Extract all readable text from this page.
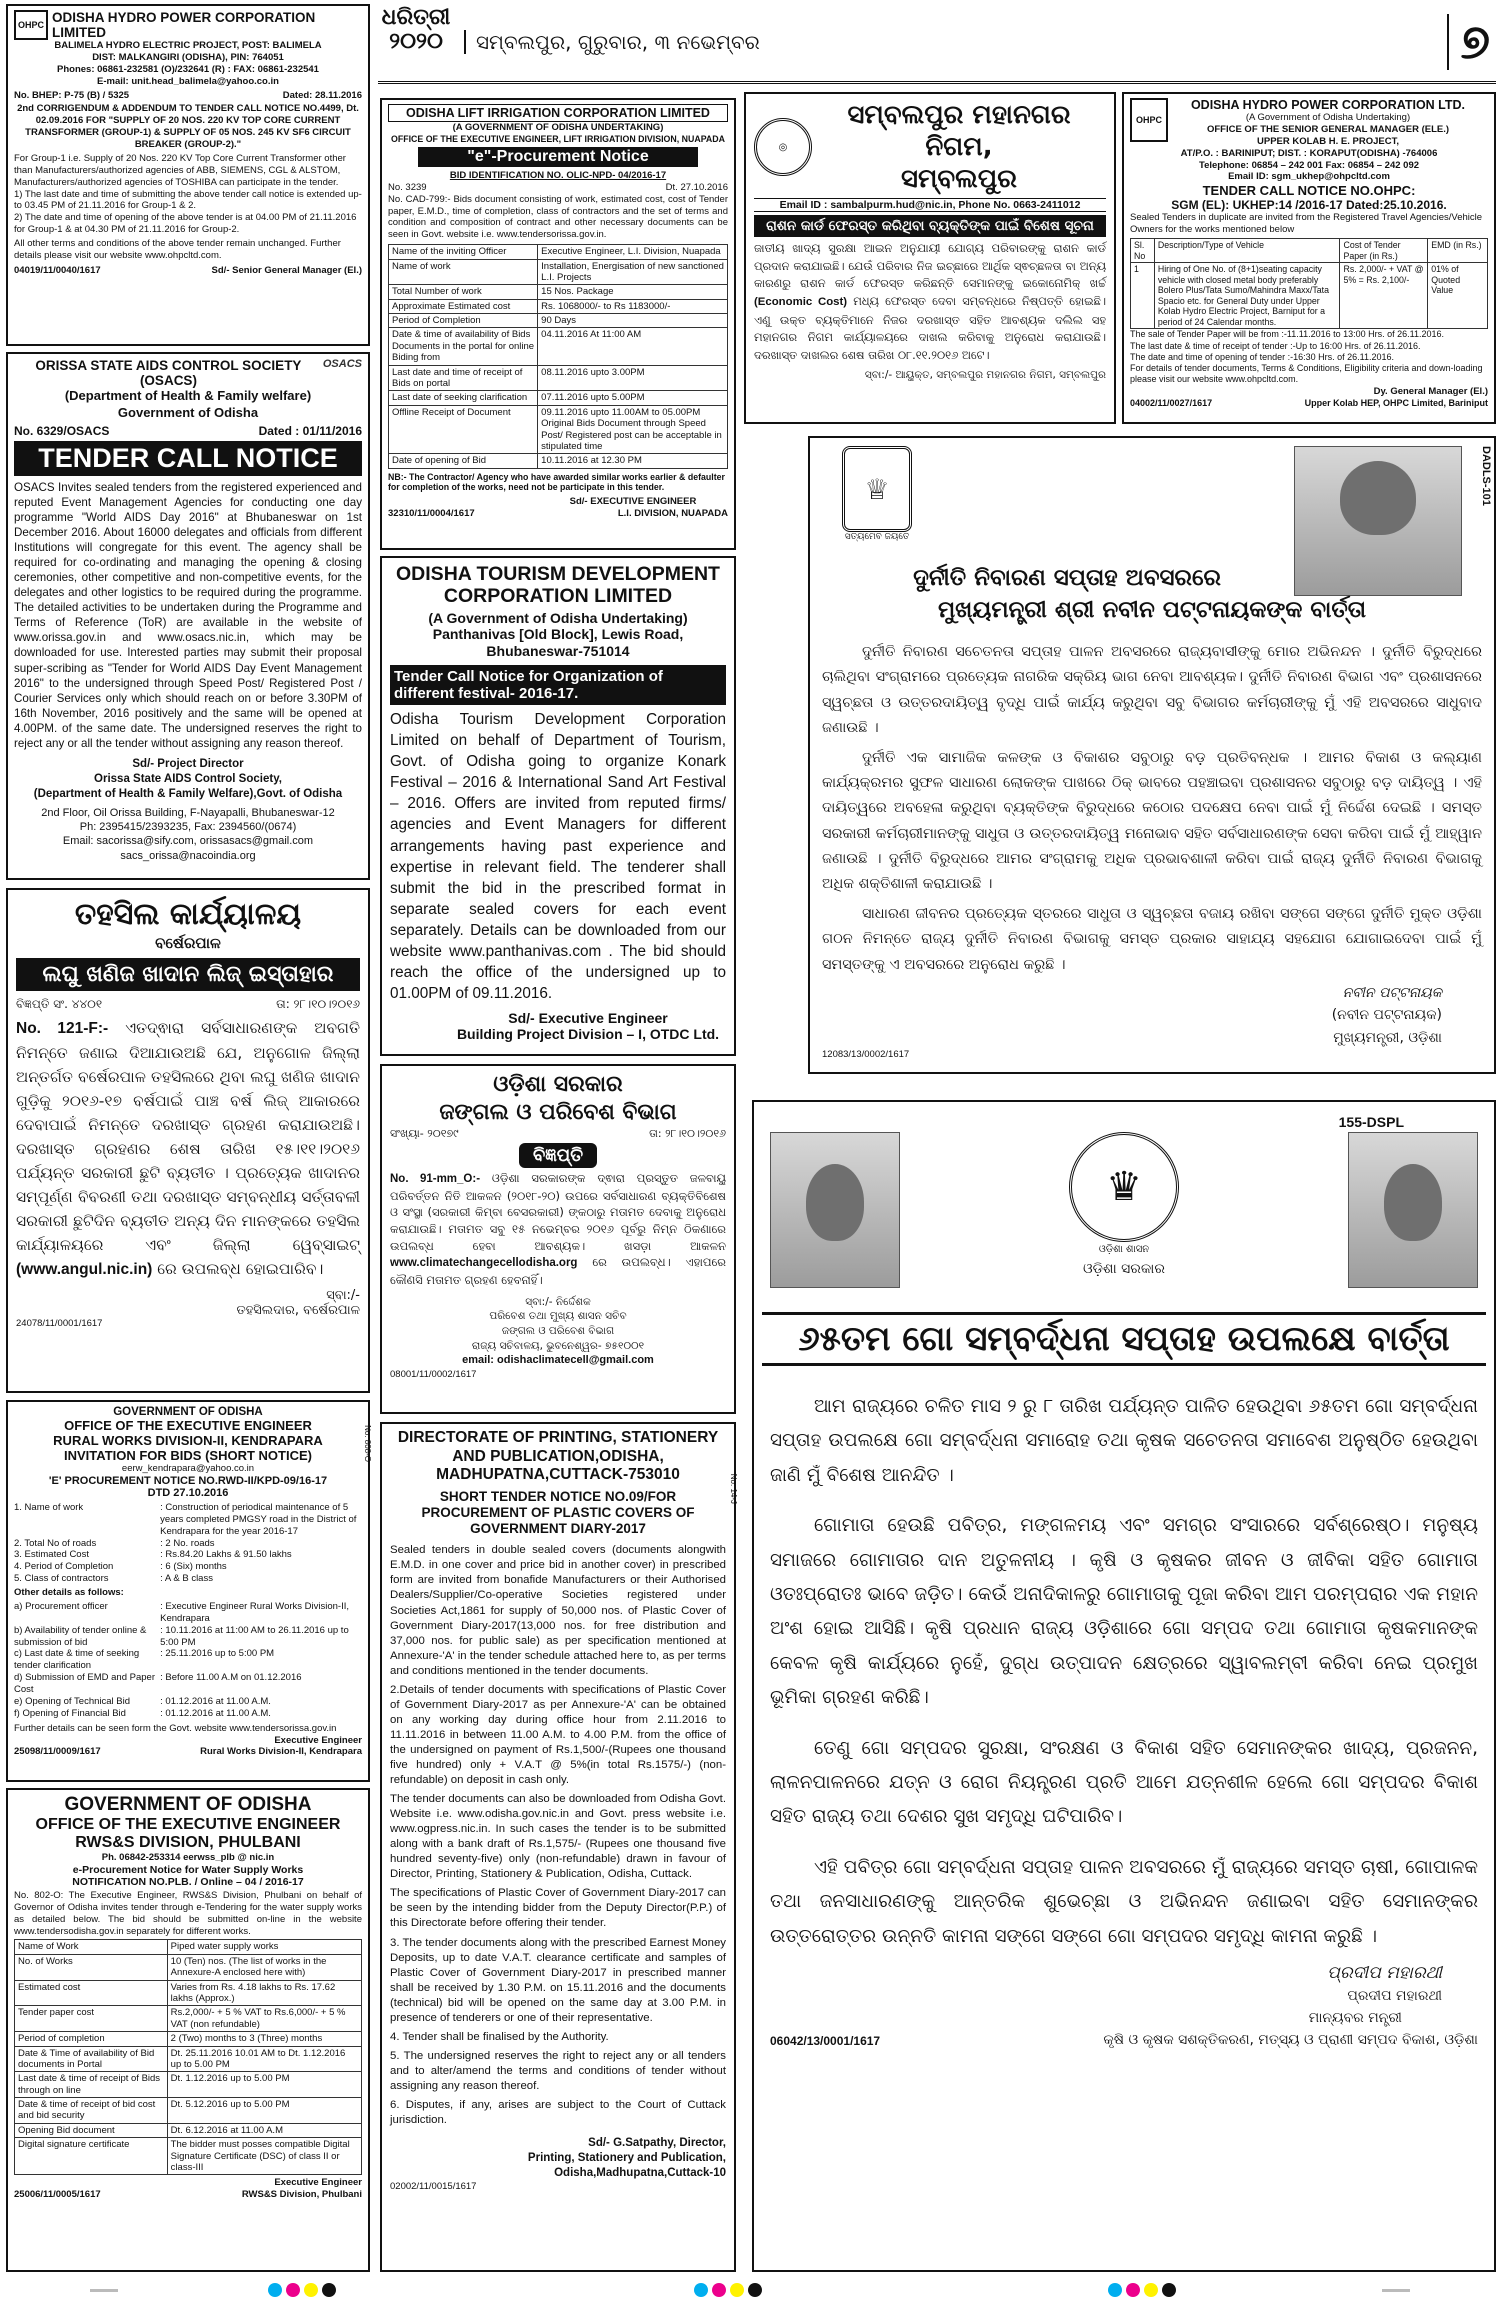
ଧରିତ୍ରୀ
୨୦୨୦	ସମ୍ବଲପୁର, ଗୁରୁବାର, ୩ ନଭେମ୍ବର	୭
OHPC ODISHA HYDRO POWER CORPORATION LIMITED
BALIMELA HYDRO ELECTRIC PROJECT, POST: BALIMELA
DIST: MALKANGIRI (ODISHA), PIN: 764051
Phones: 06861-232581 (O)/232641 (R) : FAX: 06861-232541
E-mail: unit.head_balimela@yahoo.co.in
No. BHEP: P-75 (B) / 5325	Dated: 28.11.2016
2nd CORRIGENDUM & ADDENDUM TO TENDER CALL NOTICE NO.4499, Dt. 02.09.2016 FOR "SUPPLY OF 20 NOS. 220 KV TOP CORE CURRENT TRANSFORMER (GROUP-1) & SUPPLY OF 05 NOS. 245 KV SF6 CIRCUIT BREAKER (GROUP-2)."
For Group-1 i.e. Supply of 20 Nos. 220 KV Top Core Current Transformer other than Manufacturers/authorized agencies of ABB, SIEMENS, CGL & ALSTOM, Manufacturers/authorized agencies of TOSHIBA can participate in the tender.
1) The last date and time of submitting the above tender call notice is extended up-to 03.45 PM of 21.11.2016 for Group-1 & 2.
2) The date and time of opening of the above tender is at 04.00 PM of 21.11.2016 for Group-1 & at 04.30 PM of 21.11.2016 for Group-2.
All other terms and conditions of the above tender remain unchanged. Further details please visit our website www.ohpcltd.com.
04019/11/0040/1617	Sd/- Senior General Manager (EI.)
ORISSA STATE AIDS CONTROL SOCIETY (OSACS)
OSACS
(Department of Health & Family welfare)
Government of Odisha
No. 6329/OSACS	Dated : 01/11/2016
TENDER CALL NOTICE
OSACS Invites sealed tenders from the registered experienced and reputed Event Management Agencies for conducting one day programme "World AIDS Day 2016" at Bhubaneswar on 1st December 2016. About 16000 delegates and officials from different Institutions will congregate for this event. The agency shall be required for co-ordinating and managing the opening & closing ceremonies, other competitive and non-competitive events, for the delegates and other logistics to be required during the programme. The detailed activities to be undertaken during the Programme and Terms of Reference (ToR) are available in the website of www.orissa.gov.in and www.osacs.nic.in, which may be downloaded for use. Interested parties may submit their proposal super-scribing as "Tender for World AIDS Day Event Management 2016" to the undersigned through Speed Post/ Registered Post / Courier Services only which should reach on or before 3.30PM of 16th November, 2016 positively and the same will be opened at 4.00PM. of the same date. The undersigned reserves the right to reject any or all the tender without assigning any reason thereof.
Sd/- Project Director
Orissa State AIDS Control Society,
(Department of Health & Family Welfare),Govt. of Odisha
2nd Floor, Oil Orissa Building, F-Nayapalli, Bhubaneswar-12
Ph: 2395415/2393235, Fax: 2394560/(0674)
Email: sacorissa@sify.com, orissasacs@gmail.com
sacs_orissa@nacoindia.org
ତହସିଲ କାର୍ଯ୍ୟାଳୟ
ବର୍ଷେରପାଳ
ଲଘୁ ଖଣିଜ ଖାଦାନ ଲିଜ୍ ଇସ୍ତାହାର
ବିଜ୍ଞପ୍ତି ସଂ. ୪୪୦୧	ତା: ୨୮।୧୦।୨୦୧୬
No. 121-F:- ଏତଦ୍ଵାରା ସର୍ବସାଧାରଣଙ୍କ ଅବଗତି ନିମନ୍ତେ ଜଣାଇ ଦିଆଯାଉଅଛି ଯେ, ଅନୁଗୋଳ ଜିଲ୍ଲା ଅନ୍ତର୍ଗତ ବର୍ଷେରପାଳ ତହସିଲରେ ଥିବା ଲଘୁ ଖଣିଜ ଖାଦାନ ଗୁଡ଼ିକୁ ୨୦୧୬-୧୭ ବର୍ଷପାଇଁ ପାଞ୍ଚ ବର୍ଷ ଲିଜ୍ ଆକାରରେ ଦେବାପାଇଁ ନିମନ୍ତେ ଦରଖାସ୍ତ ଗ୍ରହଣ କରାଯାଉଅଛି। ଦରଖାସ୍ତ ଗ୍ରହଣର ଶେଷ ତାରିଖ ୧୫।୧୧।୨୦୧୬ ପର୍ଯ୍ୟନ୍ତ ସରକାରୀ ଛୁଟି ବ୍ୟତୀତ । ପ୍ରତ୍ୟେକ ଖାଦାନର ସମ୍ପୂର୍ଣ୍ଣ ବିବରଣୀ ତଥା ଦରଖାସ୍ତ ସମ୍ବନ୍ଧୀୟ ସର୍ତ୍ତାବଳୀ ସରକାରୀ ଛୁଟିଦିନ ବ୍ୟତୀତ ଅନ୍ୟ ଦିନ ମାନଙ୍କରେ ତହସିଲ କାର୍ଯ୍ୟାଳୟରେ ଏବଂ ଜିଲ୍ଲା ୱେବ୍‌ସାଇଟ୍ (www.angul.nic.in) ରେ ଉପଲବ୍ଧ ହୋଇପାରିବ।
ସ୍ବା:/-
ତହସିଲଦାର, ବର୍ଷେରପାଳ
24078/11/0001/1617
GOVERNMENT OF ODISHA
OFFICE OF THE EXECUTIVE ENGINEER
RURAL WORKS DIVISION-II, KENDRAPARA
INVITATION FOR BIDS (SHORT NOTICE)
eerw_kendrapara@yahoo.co.in
'E' PROCUREMENT NOTICE NO.RWD-II/KPD-09/16-17
DTD 27.10.2016
1. Name of work	: Construction of periodical maintenance of 5 years completed PMGSY road in the District of Kendrapara for the year 2016-17
2. Total No of roads	: 2 No. roads
3. Estimated Cost	: Rs.84.20 Lakhs & 91.50 lakhs
4. Period of Completion	: 6 (Six) months
5. Class of contractors	: A & B class
Other details as follows:
a) Procurement officer	: Executive Engineer Rural Works Division-II, Kendrapara
b) Availability of tender online & submission of bid
: 10.11.2016 at 11:00 AM to 26.11.2016 up to 5:00 PM
c) Last date & time of seeking tender clarification
: 25.11.2016 up to 5:00 PM
d) Submission of EMD and Paper Cost
: Before 11.00 A.M on 01.12.2016
e) Opening of Technical Bid	: 01.12.2016 at 11.00 A.M.
f) Opening of Financial Bid	: 01.12.2016 at 11.00 A.M.
Further details can be seen form the Govt. website www.tendersorissa.gov.in
Executive Engineer
25098/11/0009/1617	Rural Works Division-II, Kendrapara
No. 808-O
GOVERNMENT OF ODISHA
OFFICE OF THE EXECUTIVE ENGINEER
RWS&S DIVISION, PHULBANI
Ph. 06842-253314 eerwss_plb @ nic.in
e-Procurement Notice for Water Supply Works
NOTIFICATION NO.PLB. / Online – 04 / 2016-17
No. 802-O: The Executive Engineer, RWS&S Division, Phulbani on behalf of Governor of Odisha invites tender through e-Tendering for the water supply works as detailed below. The bid should be submitted on-line in the website www.tendersodisha.gov.in separately for different works.
Name of Work	Piped water supply works
No. of Works	10 (Ten) nos. (The list of works in the Annexure-A enclosed here with)
Estimated cost	Varies from Rs. 4.18 lakhs to Rs. 17.62 lakhs (Approx.)
Tender paper cost	Rs.2,000/- + 5 % VAT to Rs.6,000/- + 5 % VAT (non refundable)
Period of completion	2 (Two) months to 3 (Three) months
Date & Time of availability of Bid documents in Portal	Dt. 25.11.2016 10.01 AM to Dt. 1.12.2016 up to 5.00 PM
Last date & time of receipt of Bids through on line	Dt. 1.12.2016 up to 5.00 PM
Date & time of receipt of bid cost and bid security	Dt. 5.12.2016 up to 5.00 PM
Opening Bid document	Dt. 6.12.2016 at 11.00 A.M
Digital signature certificate	The bidder must posses compatible Digital Signature Certificate (DSC) of class II or class-III
Executive Engineer
25006/11/0005/1617	RWS&S Division, Phulbani
ODISHA LIFT IRRIGATION CORPORATION LIMITED
(A GOVERNMENT OF ODISHA UNDERTAKING)
OFFICE OF THE EXECUTIVE ENGINEER, LIFT IRRIGATION DIVISION, NUAPADA
"e"-Procurement Notice
BID IDENTIFICATION NO. OLIC-NPD- 04/2016-17
No. 3239	Dt. 27.10.2016
No. CAD-799:- Bids document consisting of work, estimated cost, cost of Tender paper, E.M.D., time of completion, class of contractors and the set of terms and condition and composition of contract and other necessary documents can be seen in Govt. website i.e. www.tendersorissa.gov.in.
Name of the inviting Officer	Executive Engineer, L.I. Division, Nuapada
Name of work	Installation, Energisation of new sanctioned L.I. Projects
Total Number of work	15 Nos. Package
Approximate Estimated cost	Rs. 1068000/- to Rs 1183000/-
Period of Completion	90 Days
Date & time of availability of Bids Documents in the portal for online Biding from	04.11.2016 At 11:00 AM
Last date and time of receipt of Bids on portal	08.11.2016 upto 3.00PM
Last date of seeking clarification	07.11.2016 upto 5.00PM
Offline Receipt of Document	09.11.2016 upto 11.00AM to 05.00PM Original Bids Document through Speed Post/ Registered post can be acceptable in stipulated time
Date of opening of Bid	10.11.2016 at 12.30 PM
NB:- The Contractor/ Agency who have awarded similar works earlier & defaulter for completion of the works, need not be participate in this tender.
Sd/- EXECUTIVE ENGINEER
32310/11/0004/1617	L.I. DIVISION, NUAPADA
ODISHA TOURISM DEVELOPMENT CORPORATION LIMITED
(A Government of Odisha Undertaking)
Panthanivas [Old Block], Lewis Road, Bhubaneswar-751014
Tender Call Notice for Organization of different festival- 2016-17.
Odisha Tourism Development Corporation Limited on behalf of Department of Tourism, Govt. of Odisha going to organize Konark Festival – 2016 & International Sand Art Festival – 2016. Offers are invited from reputed firms/ agencies and Event Managers for different arrangements having past experience and expertise in relevant field. The tenderer shall submit the bid in the prescribed format in separate sealed covers for each event separately. Details can be downloaded from our website www.panthanivas.com . The bid should reach the office of the undersigned up to 01.00PM of 09.11.2016.
Sd/- Executive Engineer
Building Project Division – I, OTDC Ltd.
ଓଡ଼ିଶା ସରକାର
ଜଙ୍ଗଲ ଓ ପରିବେଶ ବିଭାଗ
ସଂଖ୍ୟା- ୨୦୧୭୯	ତା: ୨୮।୧୦।୨୦୧୬
ବିଜ୍ଞପ୍ତି
No. 91-mm_O:- ଓଡ଼ିଶା ସରକାରଙ୍କ ଦ୍ଵାରା ପ୍ରସ୍ତୁତ ଜଳବାୟୁ ପରିବର୍ତ୍ତନ ନିତି ଆକଳନ (୨୦୧୮-୨୦) ଉପରେ ସର୍ବସାଧାରଣ ବ୍ୟକ୍ତିବିଶେଷ ଓ ସଂସ୍ଥା (ସରକାରୀ କିମ୍ବା ବେସରକାରୀ) ଙ୍କଠାରୁ ମତାମତ ଦେବାକୁ ଅନୁରୋଧ କରାଯାଉଛି। ମତାମତ ସବୁ ୧୫ ନଭେମ୍ବର ୨୦୧୬ ପୂର୍ବରୁ ନିମ୍ନ ଠିକଣାରେ ଉପଲବ୍ଧ ହେବା ଆବଶ୍ୟକ। ଖସଡ଼ା ଆକଳନ www.climatechangecellodisha.org ରେ ଉପଲବ୍ଧ। ଏହାପରେ କୌଣସି ମତାମତ ଗ୍ରହଣ ହେବନାହିଁ।
ସ୍ବା:/- ନିର୍ଦ୍ଦେଶକ
ପରିବେଶ ତଥା ମୁଖ୍ୟ ଶାସନ ସଚିବ
ଜଙ୍ଗଲ ଓ ପରିବେଶ ବିଭାଗ
ରାଜ୍ୟ ସଚିବାଳୟ, ଭୁବନେଶ୍ୱର- ୭୫୧୦୦୧
email: odishaclimatecell@gmail.com
08001/11/0002/1617
DIRECTORATE OF PRINTING, STATIONERY AND PUBLICATION,ODISHA, MADHUPATNA,CUTTACK-753010
SHORT TENDER NOTICE NO.09/FOR PROCUREMENT OF PLASTIC COVERS OF GOVERNMENT DIARY-2017

Sealed tenders in double sealed covers (documents alongwith E.M.D. in one cover and price bid in another cover) in prescribed form are invited from bonafide Manufacturers or their Authorised Dealers/Supplier/Co-operative Societies registered under Societies Act,1861 for supply of 50,000 nos. of Plastic Cover of Government Diary-2017(13,000 nos. for free distribution and 37,000 nos. for public sale) as per specification mentioned at Annexure-'A' in the tender schedule attached here to, as per terms and conditions mentioned in the tender documents.

2.Details of tender documents with specifications of Plastic Cover of Government Diary-2017 as per Annexure-'A' can be obtained on any working day during office hour from 2.11.2016 to 11.11.2016 in between 11.00 A.M. to 4.00 P.M. from the office of the undersigned on payment of Rs.1,500/-(Rupees one thousand five hundred) only + V.A.T @ 5%(in total Rs.1575/-) (non-refundable) on deposit in cash only.

The tender documents can also be downloaded from Odisha Govt. Website i.e. www.odisha.gov.nic.in and Govt. press website i.e. www.ogpress.nic.in. In such cases the tender is to be submitted along with a bank draft of Rs.1,575/- (Rupees one thousand five hundred seventy-five) only (non-refundable) drawn in favour of Director, Printing, Stationery & Publication, Odisha, Cuttack.

The specifications of Plastic Cover of Government Diary-2017 can be seen by the intending bidder from the Deputy Director(P.P.) of this Directorate before offering their tender.

3. The tender documents along with the prescribed Earnest Money Deposits, up to date V.A.T. clearance certificate and samples of Plastic Cover of Government Diary-2017 in prescribed manner shall be received by 1.30 P.M. on 15.11.2016 and the documents (technical) bid will be opened on the same day at 3.00 P.M. in presence of tenderers or one of their representative.

4. Tender shall be finalised by the Authority.

5. The undersigned reserves the right to reject any or all tenders and to alter/amend the terms and conditions of tender without assigning any reason thereof.

6. Disputes, if any, arises are subject to the Court of Cuttack jurisdiction.

Sd/- G.Satpathy, Director,
Printing, Stationery and Publication,
Odisha,Madhupatna,Cuttack-10
02002/11/0015/1617
No. 14-J
◎
ସମ୍ବଲପୁର ମହାନଗର ନିଗମ,
ସମ୍ବଲପୁର
Email ID : sambalpurm.hud@nic.in, Phone No. 0663-2411012
ରାଶନ କାର୍ଡ ଫେରସ୍ତ କରିଥିବା ବ୍ୟକ୍ତିଙ୍କ ପାଇଁ ବିଶେଷ ସୂଚନା
ଜାତୀୟ ଖାଦ୍ୟ ସୁରକ୍ଷା ଆଇନ ଅନୁଯାୟୀ ଯୋଗ୍ୟ ପରିବାରଙ୍କୁ ରାଶନ କାର୍ଡ ପ୍ରଦାନ କରାଯାଇଛି। ଯେଉଁ ପରିବାର ନିଜ ଇଚ୍ଛାରେ ଆର୍ଥିକ ସ୍ଵଚ୍ଛଳତା ବା ଅନ୍ୟ କାରଣରୁ ରାଶନ କାର୍ଡ ଫେରସ୍ତ କରିଛନ୍ତି ସେମାନଙ୍କୁ ଇକୋନୋମିକ୍ ଖର୍ଚ୍ଚ (Economic Cost) ମଧ୍ୟ ଫେରସ୍ତ ଦେବା ସମ୍ବନ୍ଧରେ ନିଷ୍ପତ୍ତି ହୋଇଛି। ଏଣୁ ଉକ୍ତ ବ୍ୟକ୍ତିମାନେ ନିଜର ଦରଖାସ୍ତ ସହିତ ଆବଶ୍ୟକ ଦଲିଲ ସହ ମହାନଗର ନିଗମ କାର୍ଯ୍ୟାଳୟରେ ଦାଖଲ କରିବାକୁ ଅନୁରୋଧ କରାଯାଉଛି। ଦରଖାସ୍ତ ଦାଖଲର ଶେଷ ତାରିଖ ୦୮.୧୧.୨୦୧୬ ଅଟେ।
ସ୍ବା:/- ଆୟୁକ୍ତ, ସମ୍ବଲପୁର ମହାନଗର ନିଗମ, ସମ୍ବଲପୁର
OHPC
ODISHA HYDRO POWER CORPORATION LTD.
(A Government of Odisha Undertaking)
OFFICE OF THE SENIOR GENERAL MANAGER (ELE.)
UPPER KOLAB H. E. PROJECT,
AT/P.O. : BARINIPUT; DIST. : KORAPUT(ODISHA) -764006
Telephone: 06854 – 242 001 Fax: 06854 – 242 092
Email ID: sgm_ukhep@ohpcltd.com
TENDER CALL NOTICE NO.OHPC:
SGM (EL): UKHEP:14 /2016-17 Dated:25.10.2016.
Sealed Tenders in duplicate are invited from the Registered Travel Agencies/Vehicle Owners for the works mentioned below
Sl. No	Description/Type of Vehicle	Cost of Tender Paper (in Rs.)	EMD (in Rs.)
1	Hiring of One No. of (8+1)seating capacity vehicle with closed metal body preferably Bolero Plus/Tata Sumo/Mahindra Maxx/Tata Spacio etc. for General Duty under Upper Kolab Hydro Electric Project, Barniput for a period of 24 Calendar months.	Rs. 2,000/- + VAT @ 5% = Rs. 2,100/-	01% of Quoted Value
The sale of Tender Paper will be from :-11.11.2016 to 13:00 Hrs. of 26.11.2016.
The last date & time of receipt of tender :-Up to 16:00 Hrs. of 26.11.2016.
The date and time of opening of tender :-16:30 Hrs. of 26.11.2016.
For details of tender documents, Terms & Conditions, Eligibility criteria and down-loading please visit our website www.ohpcltd.com.
Dy. General Manager (El.)
04002/11/0027/1617	Upper Kolab HEP, OHPC Limited, Bariniput
DADLS-101
♕
ସତ୍ୟମେବ ଜୟତେ
ଦୁର୍ନୀତି ନିବାରଣ ସପ୍ତାହ ଅବସରରେ
ମୁଖ୍ୟମନ୍ତ୍ରୀ ଶ୍ରୀ ନବୀନ ପଟ୍ଟନାୟକଙ୍କ ବାର୍ତ୍ତା

ଦୁର୍ନୀତି ନିବାରଣ ସଚେତନତା ସପ୍ତାହ ପାଳନ ଅବସରରେ ରାଜ୍ୟବାସୀଙ୍କୁ ମୋର ଅଭିନନ୍ଦନ । ଦୁର୍ନୀତି ବିରୁଦ୍ଧରେ ଚାଲିଥିବା ସଂଗ୍ରାମରେ ପ୍ରତ୍ୟେକ ନାଗରିକ ସକ୍ରିୟ ଭାଗ ନେବା ଆବଶ୍ୟକ। ଦୁର୍ନୀତି ନିବାରଣ ବିଭାଗ ଏବଂ ପ୍ରଶାସନରେ ସ୍ୱଚ୍ଛତା ଓ ଉତ୍ତରଦାୟିତ୍ୱ ବୃଦ୍ଧି ପାଇଁ କାର୍ଯ୍ୟ କରୁଥିବା ସବୁ ବିଭାଗର କର୍ମଚାରୀଙ୍କୁ ମୁଁ ଏହି ଅବସରରେ ସାଧୁବାଦ ଜଣାଉଛି ।

ଦୁର୍ନୀତି ଏକ ସାମାଜିକ କଳଙ୍କ ଓ ବିକାଶର ସବୁଠାରୁ ବଡ଼ ପ୍ରତିବନ୍ଧକ । ଆମର ବିକାଶ ଓ କଲ୍ୟାଣ କାର୍ଯ୍ୟକ୍ରମର ସୁଫଳ ସାଧାରଣ ଲୋକଙ୍କ ପାଖରେ ଠିକ୍ ଭାବରେ ପହଞ୍ଚାଇବା ପ୍ରଶାସନର ସବୁଠାରୁ ବଡ଼ ଦାୟିତ୍ୱ । ଏହି ଦାୟିତ୍ୱରେ ଅବହେଳା କରୁଥିବା ବ୍ୟକ୍ତିଙ୍କ ବିରୁଦ୍ଧରେ କଠୋର ପଦକ୍ଷେପ ନେବା ପାଇଁ ମୁଁ ନିର୍ଦ୍ଦେଶ ଦେଇଛି । ସମସ୍ତ ସରକାରୀ କର୍ମଚାରୀମାନଙ୍କୁ ସାଧୁତା ଓ ଉତ୍ତରଦାୟିତ୍ୱ ମନୋଭାବ ସହିତ ସର୍ବସାଧାରଣଙ୍କ ସେବା କରିବା ପାଇଁ ମୁଁ ଆହ୍ୱାନ ଜଣାଉଛି । ଦୁର୍ନୀତି ବିରୁଦ୍ଧରେ ଆମର ସଂଗ୍ରାମକୁ ଅଧିକ ପ୍ରଭାବଶାଳୀ କରିବା ପାଇଁ ରାଜ୍ୟ ଦୁର୍ନୀତି ନିବାରଣ ବିଭାଗକୁ ଅଧିକ ଶକ୍ତିଶାଳୀ କରାଯାଉଛି ।

ସାଧାରଣ ଜୀବନର ପ୍ରତ୍ୟେକ ସ୍ତରରେ ସାଧୁତା ଓ ସ୍ୱଚ୍ଛତା ବଜାୟ ରଖିବା ସଙ୍ଗେ ସଙ୍ଗେ ଦୁର୍ନୀତି ମୁକ୍ତ ଓଡ଼ିଶା ଗଠନ ନିମନ୍ତେ ରାଜ୍ୟ ଦୁର୍ନୀତି ନିବାରଣ ବିଭାଗକୁ ସମସ୍ତ ପ୍ରକାର ସାହାଯ୍ୟ ସହଯୋଗ ଯୋଗାଇଦେବା ପାଇଁ ମୁଁ ସମସ୍ତଙ୍କୁ ଏ ଅବସରରେ ଅନୁରୋଧ କରୁଛି ।

ନବୀନ ପଟ୍ଟନାୟକ
(ନବୀନ ପଟ୍ଟନାୟକ)
ମୁଖ୍ୟମନ୍ତ୍ରୀ, ଓଡ଼ିଶା
12083/13/0002/1617
155-DSPL
♛
ଓଡ଼ିଶା ଶାସନ
ଓଡ଼ିଶା ସରକାର
୬୫ତମ ଗୋ ସମ୍ବର୍ଦ୍ଧନା ସପ୍ତାହ ଉପଲକ୍ଷେ ବାର୍ତ୍ତା

ଆମ ରାଜ୍ୟରେ ଚଳିତ ମାସ ୨ ରୁ ୮ ତାରିଖ ପର୍ଯ୍ୟନ୍ତ ପାଳିତ ହେଉଥିବା ୬୫ତମ ଗୋ ସମ୍ବର୍ଦ୍ଧନା ସପ୍ତାହ ଉପଲକ୍ଷେ ଗୋ ସମ୍ବର୍ଦ୍ଧନା ସମାରୋହ ତଥା କୃଷକ ସଚେତନତା ସମାବେଶ ଅନୁଷ୍ଠିତ ହେଉଥିବା ଜାଣି ମୁଁ ବିଶେଷ ଆନନ୍ଦିତ ।

ଗୋମାତା ହେଉଛି ପବିତ୍ର, ମଙ୍ଗଳମୟ ଏବଂ ସମଗ୍ର ସଂସାରରେ ସର୍ବଶ୍ରେଷ୍ଠ। ମନୁଷ୍ୟ ସମାଜରେ ଗୋମାତାର ଦାନ ଅତୁଳନୀୟ । କୃଷି ଓ କୃଷକର ଜୀବନ ଓ ଜୀବିକା ସହିତ ଗୋମାତା ଓତଃପ୍ରୋତଃ ଭାବେ ଜଡ଼ିତ। କେଉଁ ଅନାଦିକାଳରୁ ଗୋମାତାକୁ ପୂଜା କରିବା ଆମ ପରମ୍ପରାର ଏକ ମହାନ ଅଂଶ ହୋଇ ଆସିଛି। କୃଷି ପ୍ରଧାନ ରାଜ୍ୟ ଓଡ଼ିଶାରେ ଗୋ ସମ୍ପଦ ତଥା ଗୋମାତା କୃଷକମାନଙ୍କ କେବଳ କୃଷି କାର୍ଯ୍ୟରେ ନୁହେଁ, ଦୁଗ୍ଧ ଉତ୍ପାଦନ କ୍ଷେତ୍ରରେ ସ୍ୱାବଲମ୍ବୀ କରିବା ନେଇ ପ୍ରମୁଖ ଭୂମିକା ଗ୍ରହଣ କରିଛି।

ତେଣୁ ଗୋ ସମ୍ପଦର ସୁରକ୍ଷା, ସଂରକ୍ଷଣ ଓ ବିକାଶ ସହିତ ସେମାନଙ୍କର ଖାଦ୍ୟ, ପ୍ରଜନନ, ଲାଳନପାଳନରେ ଯତ୍ନ ଓ ରୋଗ ନିୟନ୍ତ୍ରଣ ପ୍ରତି ଆମେ ଯତ୍ନଶୀଳ ହେଲେ ଗୋ ସମ୍ପଦର ବିକାଶ ସହିତ ରାଜ୍ୟ ତଥା ଦେଶର ସୁଖ ସମୃଦ୍ଧି ଘଟିପାରିବ।

ଏହି ପବିତ୍ର ଗୋ ସମ୍ବର୍ଦ୍ଧନା ସପ୍ତାହ ପାଳନ ଅବସରରେ ମୁଁ ରାଜ୍ୟରେ ସମସ୍ତ ଚାଷୀ, ଗୋପାଳକ ତଥା ଜନସାଧାରଣଙ୍କୁ ଆନ୍ତରିକ ଶୁଭେଚ୍ଛା ଓ ଅଭିନନ୍ଦନ ଜଣାଇବା ସହିତ ସେମାନଙ୍କର ଉତ୍ତରୋତ୍ତର ଉନ୍ନତି କାମନା ସଙ୍ଗେ ସଙ୍ଗେ ଗୋ ସମ୍ପଦର ସମୃଦ୍ଧି କାମନା କରୁଛି ।

ପ୍ରଦୀପ ମହାରଥୀ
ପ୍ରଦୀପ ମହାରଥୀ
ମାନ୍ୟବର ମନ୍ତ୍ରୀ
06042/13/0001/1617	କୃଷି ଓ କୃଷକ ସଶକ୍ତିକରଣ, ମତ୍ସ୍ୟ ଓ ପ୍ରାଣୀ ସମ୍ପଦ ବିକାଶ, ଓଡ଼ିଶା
